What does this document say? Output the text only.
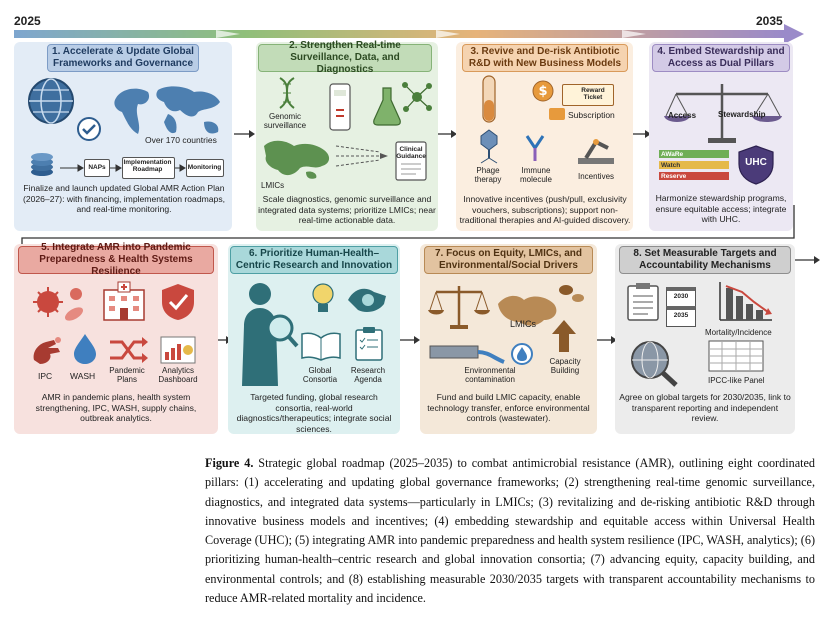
2025	2035
1. Accelerate & Update Global Frameworks and Governance
Over 170 countries
NAPs
Implementation Roadmap	Monitoring
Finalize and launch updated Global AMR Action Plan (2026–27): with financing, implementation roadmaps, and real-time monitoring.
2. Strengthen Real-time Surveillance, Data, and Diagnostics
Genomic surveillance
LMICs
Clinical Guidance
Scale diagnostics, genomic surveillance and integrated data systems; prioritize LMICs; near real-time actionable data.
3. Revive and De-risk Antibiotic R&D with New Business Models
$	Reward Ticket
Subscription
Phage therapy
Immune molecule	Incentives
Innovative incentives (push/pull, exclusivity vouchers, subscriptions); support non-traditional therapies and AI-guided discovery.
4. Embed Stewardship and Access as Dual Pillars
Access	Stewardship
AWaRe
Watch
Reserve
UHC
Harmonize stewardship programs, ensure equitable access; integrate with UHC.
5. Integrate AMR into Pandemic Preparedness & Health Systems Resilience
IPC WASH
Pandemic Plans
Analytics Dashboard
AMR in pandemic plans, health system strengthening, IPC, WASH, supply chains, outbreak analytics.
6. Prioritize Human-Health–Centric Research and Innovation
Global Consortia
Research Agenda
Targeted funding, global research consortia, real-world diagnostics/therapeutics; integrate social sciences.
7. Focus on Equity, LMICs, and Environmental/Social Drivers
LMICs
Environmental contamination
Capacity Building
Fund and build LMIC capacity, enable technology transfer, enforce environmental controls (wastewater).
8. Set Measurable Targets and Accountability Mechanisms
2030
2035
Mortality/Incidence
IPCC-like Panel
Agree on global targets for 2030/2035, link to transparent reporting and independent review.
Figure 4. Strategic global roadmap (2025–2035) to combat antimicrobial resistance (AMR), outlining eight coordinated pillars: (1) accelerating and updating global governance frameworks; (2) strengthening real-time genomic surveillance, diagnostics, and integrated data systems—particularly in LMICs; (3) revitalizing and de-risking antibiotic R&D through innovative business models and incentives; (4) embedding stewardship and equitable access within Universal Health Coverage (UHC); (5) integrating AMR into pandemic preparedness and health system resilience (IPC, WASH, analytics); (6) prioritizing human-health–centric research and global innovation consortia; (7) advancing equity, capacity building, and environmental controls; and (8) establishing measurable 2030/2035 targets with transparent accountability mechanisms to reduce AMR-related mortality and incidence.
